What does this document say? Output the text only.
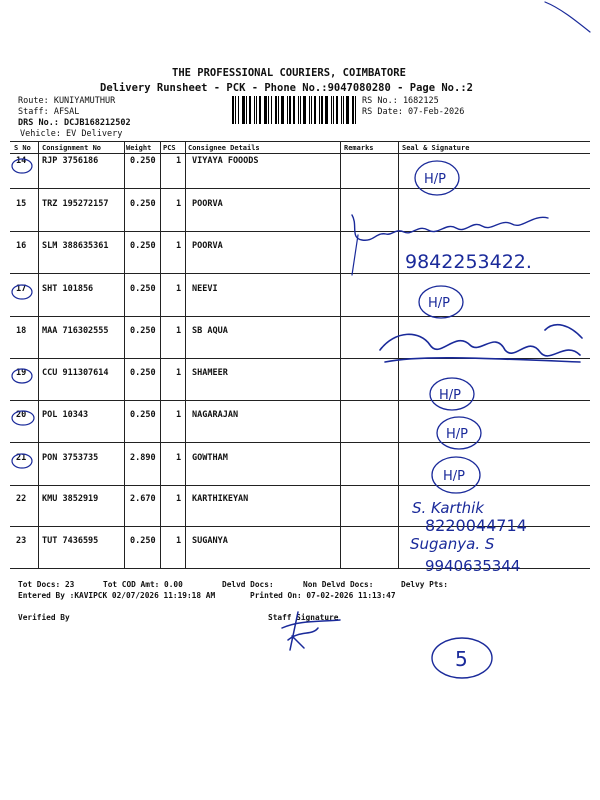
THE PROFESSIONAL COURIERS, COIMBATORE
Delivery Runsheet - PCK - Phone No.:9047080280 - Page No.:2
Route: KUNIYAMUTHUR
Staff: AFSAL
DRS No.: DCJB168212502
Vehicle: EV Delivery
RS No.: 1682125
RS Date: 07-Feb-2026
S No Consignment No	Weight PCS Consignee Details	Remarks	Seal & Signature
14 RJP 3756186	0.250 1 VIYAYA FOOODS
15 TRZ 195272157	0.250 1 POORVA
16 SLM 388635361	0.250 1 POORVA
17 SHT 101856	0.250 1 NEEVI
18 MAA 716302555	0.250 1 SB AQUA
19 CCU 911307614	0.250 1 SHAMEER
20 POL 10343	0.250 1 NAGARAJAN
21 PON 3753735	2.890 1 GOWTHAM
22 KMU 3852919	2.670 1 KARTHIKEYAN
23 TUT 7436595	0.250 1 SUGANYA
Tot Docs: 23	Tot COD Amt: 0.00	Delvd Docs:	Non Delvd Docs:	Delvy Pts:
Entered By :KAVIPCK 02/07/2026 11:19:18 AM	Printed On: 07-02-2026 11:13:47
Verified By	Staff Signature
H/P
H/P
H/P
H/P
H/P
9842253422.
S. Karthik
8220044714
Suganya. S
9940635344
5
